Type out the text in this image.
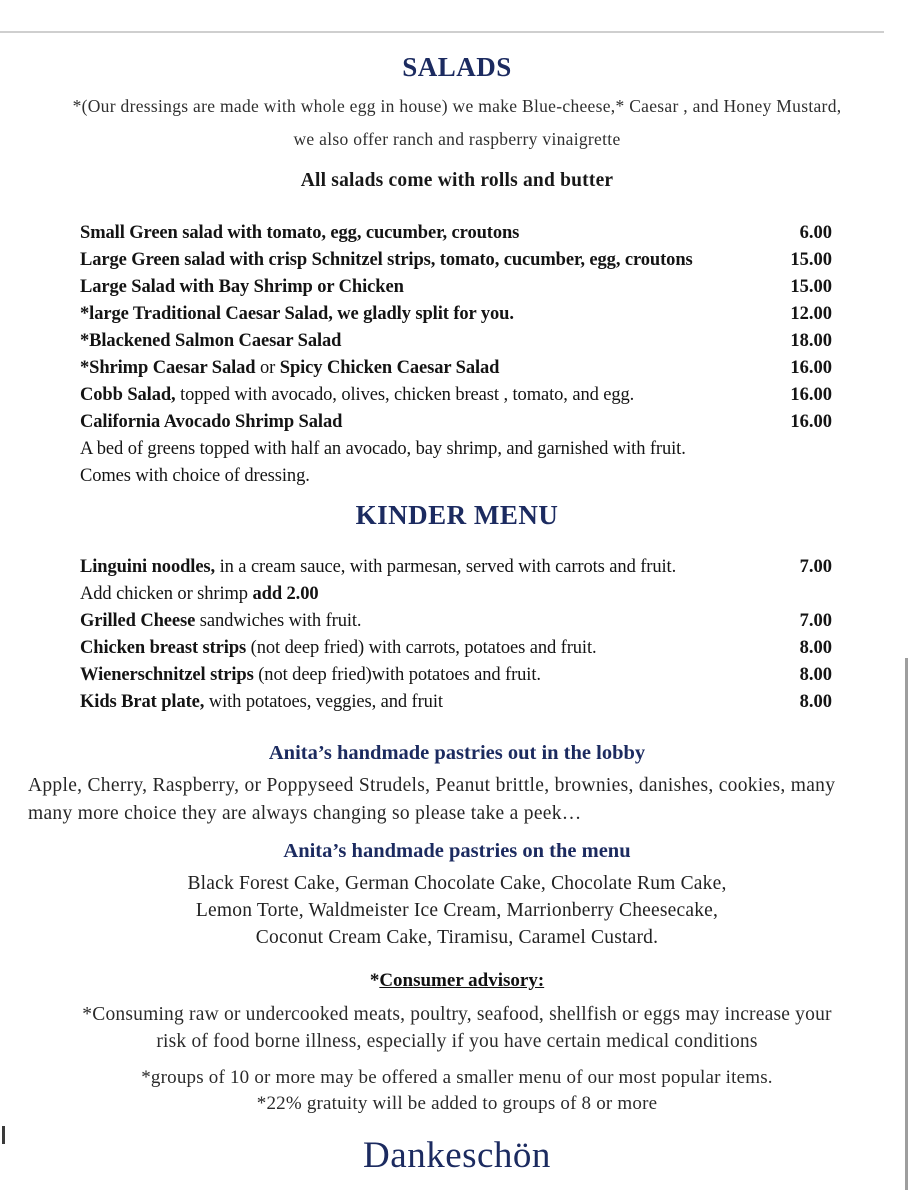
SALADS
*(Our dressings are made with whole egg in house) we make Blue-cheese,* Caesar , and Honey Mustard,
we also offer ranch and raspberry vinaigrette
All salads come with rolls and butter
Small Green salad with tomato, egg, cucumber, croutons	6.00
Large Green salad with crisp Schnitzel strips, tomato, cucumber, egg, croutons	15.00
Large Salad with Bay Shrimp or Chicken	15.00
*large Traditional Caesar Salad, we gladly split for you.	12.00
*Blackened Salmon Caesar Salad	18.00
*Shrimp Caesar Salad or Spicy Chicken Caesar Salad	16.00
Cobb Salad, topped with avocado, olives, chicken breast , tomato, and egg.	16.00
California Avocado Shrimp Salad	16.00
A bed of greens topped with half an avocado, bay shrimp, and garnished with fruit.
Comes with choice of dressing.
KINDER MENU
Linguini noodles, in a cream sauce, with parmesan, served with carrots and fruit.	7.00
Add chicken or shrimp add 2.00
Grilled Cheese sandwiches with fruit.	7.00
Chicken breast strips (not deep fried) with carrots, potatoes and fruit.	8.00
Wienerschnitzel strips (not deep fried)with potatoes and fruit.	8.00
Kids Brat plate, with potatoes, veggies, and fruit	8.00
Anita’s handmade pastries out in the lobby
Apple, Cherry, Raspberry, or Poppyseed Strudels, Peanut brittle, brownies, danishes, cookies, many
many more choice they are always changing so please take a peek…
Anita’s handmade pastries on the menu
Black Forest Cake, German Chocolate Cake, Chocolate Rum Cake,
Lemon Torte, Waldmeister Ice Cream, Marrionberry Cheesecake,
Coconut Cream Cake, Tiramisu, Caramel Custard.
*Consumer advisory:
*Consuming raw or undercooked meats, poultry, seafood, shellfish or eggs may increase your
risk of food borne illness, especially if you have certain medical conditions
*groups of 10 or more may be offered a smaller menu of our most popular items.
*22% gratuity will be added to groups of 8 or more
Dankeschön
